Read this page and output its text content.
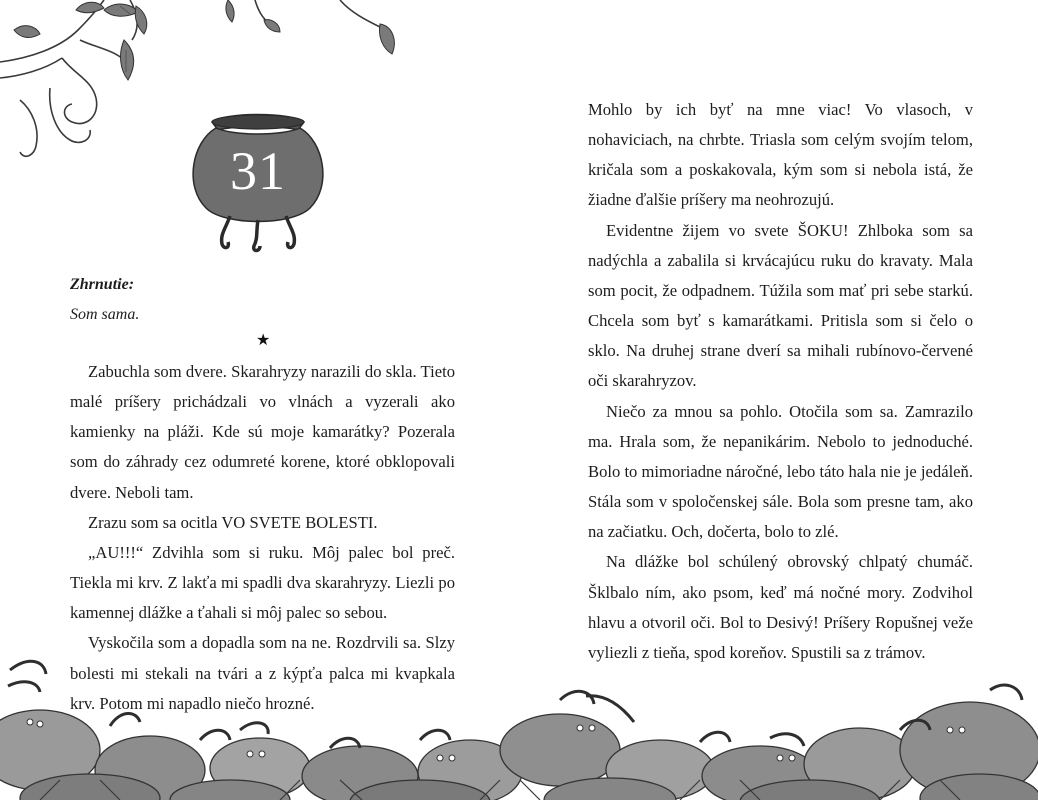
31
Zhrnutie:
Som sama.
★

Zabuchla som dvere. Skarahryzy narazili do skla. Tieto malé príšery prichádzali vo vlnách a vyzerali ako kamienky na pláži. Kde sú moje kamarátky? Pozerala som do záhrady cez odumreté korene, ktoré obklopovali dvere. Neboli tam.

Zrazu som sa ocitla VO SVETE BOLESTI.

„AU!!!“ Zdvihla som si ruku. Môj palec bol preč. Tiekla mi krv. Z lakťa mi spadli dva skarahryzy. Liezli po kamennej dlážke a ťahali si môj palec so sebou.

Vyskočila som a dopadla som na ne. Rozdrvili sa. Slzy bolesti mi stekali na tvári a z kýpťa palca mi kvapkala krv. Potom mi napadlo niečo hrozné.

Mohlo by ich byť na mne viac! Vo vlasoch, v nohaviciach, na chrbte. Triasla som celým svojím telom, kričala som a poskakovala, kým som si nebola istá, že žiadne ďalšie príšery ma neohrozujú.

Evidentne žijem vo svete ŠOKU! Zhlboka som sa nadýchla a zabalila si krvácajúcu ruku do kravaty. Mala som pocit, že odpadnem. Túžila som mať pri sebe starkú. Chcela som byť s kamarátkami. Pritisla som si čelo o sklo. Na druhej strane dverí sa mihali rubínovo-červené oči skarahryzov.

Niečo za mnou sa pohlo. Otočila som sa. Zamrazilo ma. Hrala som, že nepanikárim. Nebolo to jednoduché. Bolo to mimoriadne náročné, lebo táto hala nie je jedáleň. Stála som v spoločenskej sále. Bola som presne tam, ako na začiatku. Och, dočerta, bolo to zlé.

Na dlážke bol schúlený obrovský chlpatý chumáč. Šklbalo ním, ako psom, keď má nočné mory. Zodvihol hlavu a otvoril oči. Bol to Desivý! Príšery Ropušnej veže vyliezli z tieňa, spod koreňov. Spustili sa z trámov.
